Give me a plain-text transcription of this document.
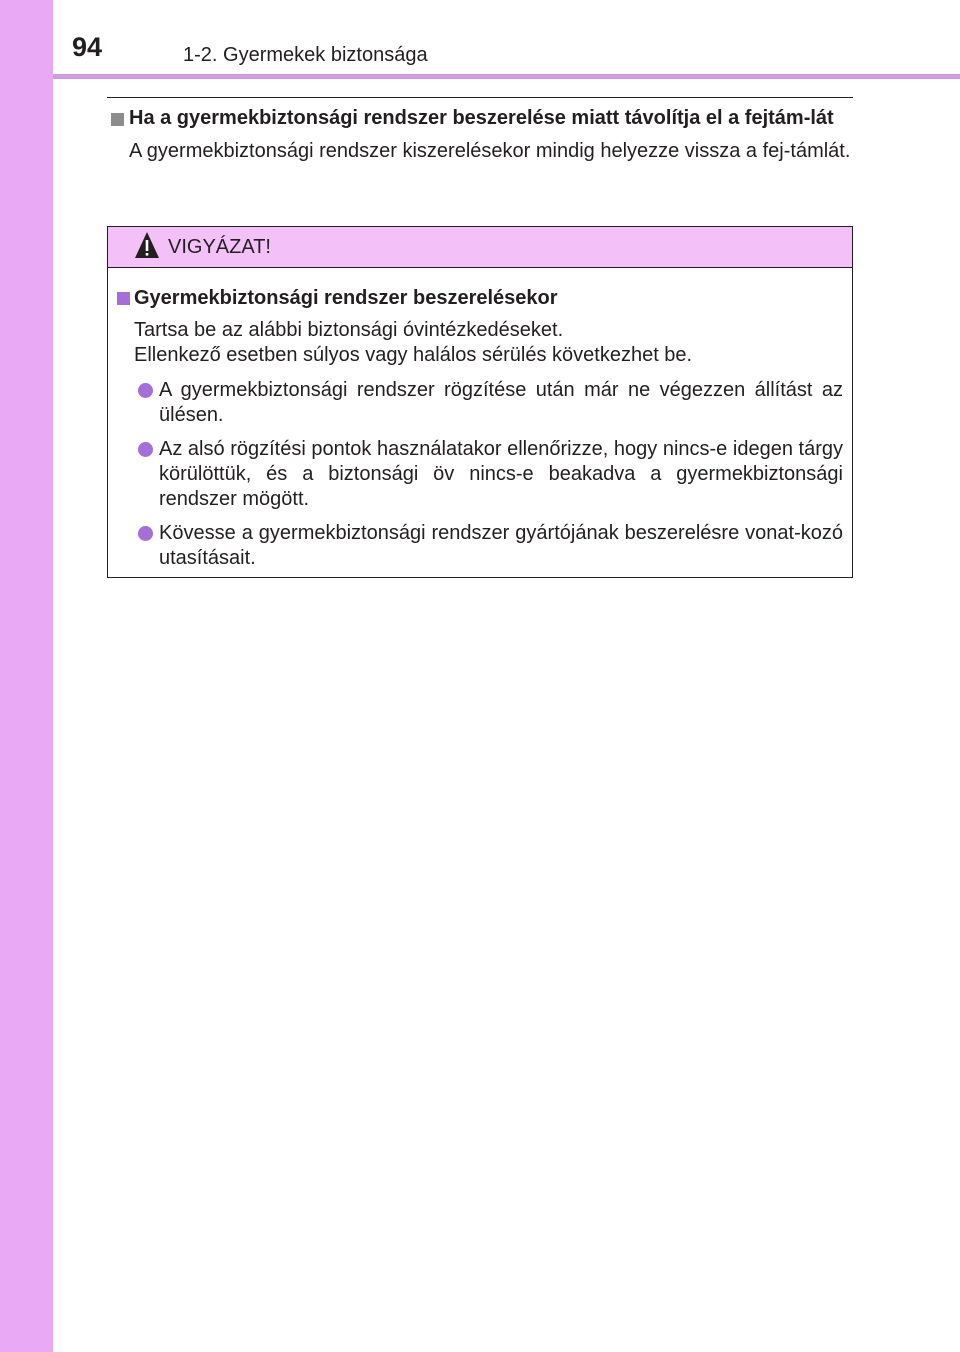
94	1-2. Gyermekek biztonsága
Ha a gyermekbiztonsági rendszer beszerelése miatt távolítja el a fejtám-lát
A gyermekbiztonsági rendszer kiszerelésekor mindig helyezze vissza a fej-támlát.
VIGYÁZAT!
Gyermekbiztonsági rendszer beszerelésekor
Tartsa be az alábbi biztonsági óvintézkedéseket.
Ellenkező esetben súlyos vagy halálos sérülés következhet be.
A gyermekbiztonsági rendszer rögzítése után már ne végezzen állítást az ülésen.
Az alsó rögzítési pontok használatakor ellenőrizze, hogy nincs-e idegen tárgy körülöttük, és a biztonsági öv nincs-e beakadva a gyermekbiztonsági rendszer mögött.
Kövesse a gyermekbiztonsági rendszer gyártójának beszerelésre vonat-kozó utasításait.
